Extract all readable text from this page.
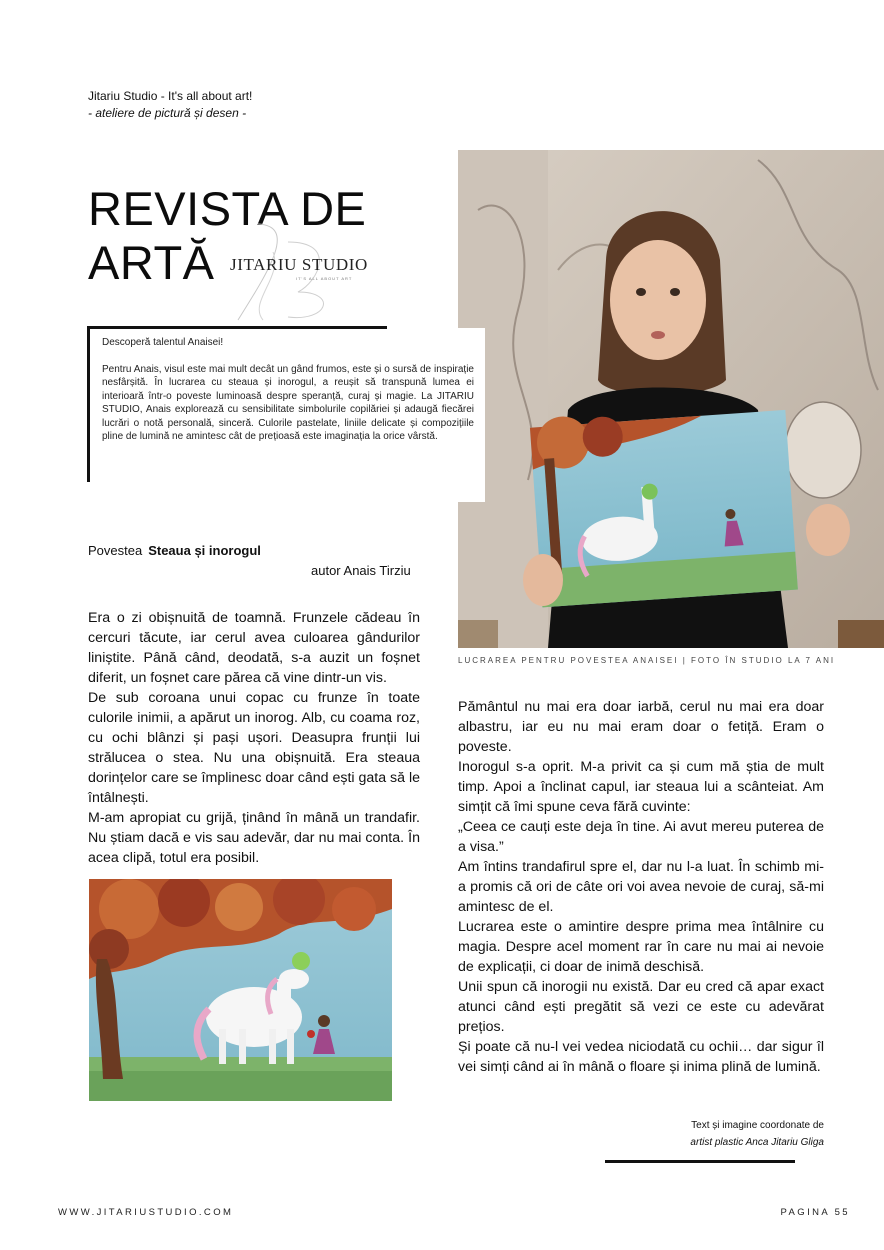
Jitariu Studio - It's all about art!
- ateliere de pictură și desen -
REVISTA DE
ARTĂ JITARIU STUDIO
IT'S ALL ABOUT ART
LUCRAREA PENTRU POVESTEA ANAISEI | FOTO ÎN STUDIO LA 7 ANI

Descoperă talentul Anaisei!

Pentru Anais, visul este mai mult decât un gând frumos, este și o sursă de inspirație nesfârșită. În lucrarea cu steaua și inorogul, a reușit să transpună lumea ei interioară într-o poveste luminoasă despre speranță, curaj și magie. La JITARIU STUDIO, Anais explorează cu sensibilitate simbolurile copilăriei și adaugă fiecărei lucrări o notă personală, sinceră. Culorile pastelate, liniile delicate și compozițiile pline de lumină ne amintesc cât de prețioasă este imaginația la orice vârstă.

Povestea Steaua și inorogul
autor Anais Tirziu

Era o zi obișnuită de toamnă. Frunzele cădeau în cercuri tăcute, iar cerul avea culoarea gândurilor liniștite. Până când, deodată, s-a auzit un foșnet diferit, un foșnet care părea că vine dintr-un vis.

De sub coroana unui copac cu frunze în toate culorile inimii, a apărut un inorog. Alb, cu coama roz, cu ochi blânzi și pași ușori. Deasupra frunții lui strălucea o stea. Nu una obișnuită. Era steaua dorințelor care se împlinesc doar când ești gata să le întâlnești.

M-am apropiat cu grijă, ținând în mână un trandafir. Nu știam dacă e vis sau adevăr, dar nu mai conta. În acea clipă, totul era posibil.

Pământul nu mai era doar iarbă, cerul nu mai era doar albastru, iar eu nu mai eram doar o fetiță. Eram o poveste.

Inorogul s-a oprit. M-a privit ca și cum mă știa de mult timp. Apoi a înclinat capul, iar steaua lui a scânteiat. Am simțit că îmi spune ceva fără cuvinte:

„Ceea ce cauți este deja în tine. Ai avut mereu puterea de a visa.”

Am întins trandafirul spre el, dar nu l-a luat. În schimb mi-a promis că ori de câte ori voi avea nevoie de curaj, să-mi amintesc de el.

Lucrarea este o amintire despre prima mea întâlnire cu magia. Despre acel moment rar în care nu mai ai nevoie de explicații, ci doar de inimă deschisă.

Unii spun că inorogii nu există. Dar eu cred că apar exact atunci când ești pregătit să vezi ce este cu adevărat prețios.

Și poate că nu-l vei vedea niciodată cu ochii… dar sigur îl vei simți când ai în mână o floare și inima plină de lumină.

Text și imagine coordonate de
artist plastic Anca Jitariu Gliga
WWW.JITARIUSTUDIO.COM	PAGINA 55
